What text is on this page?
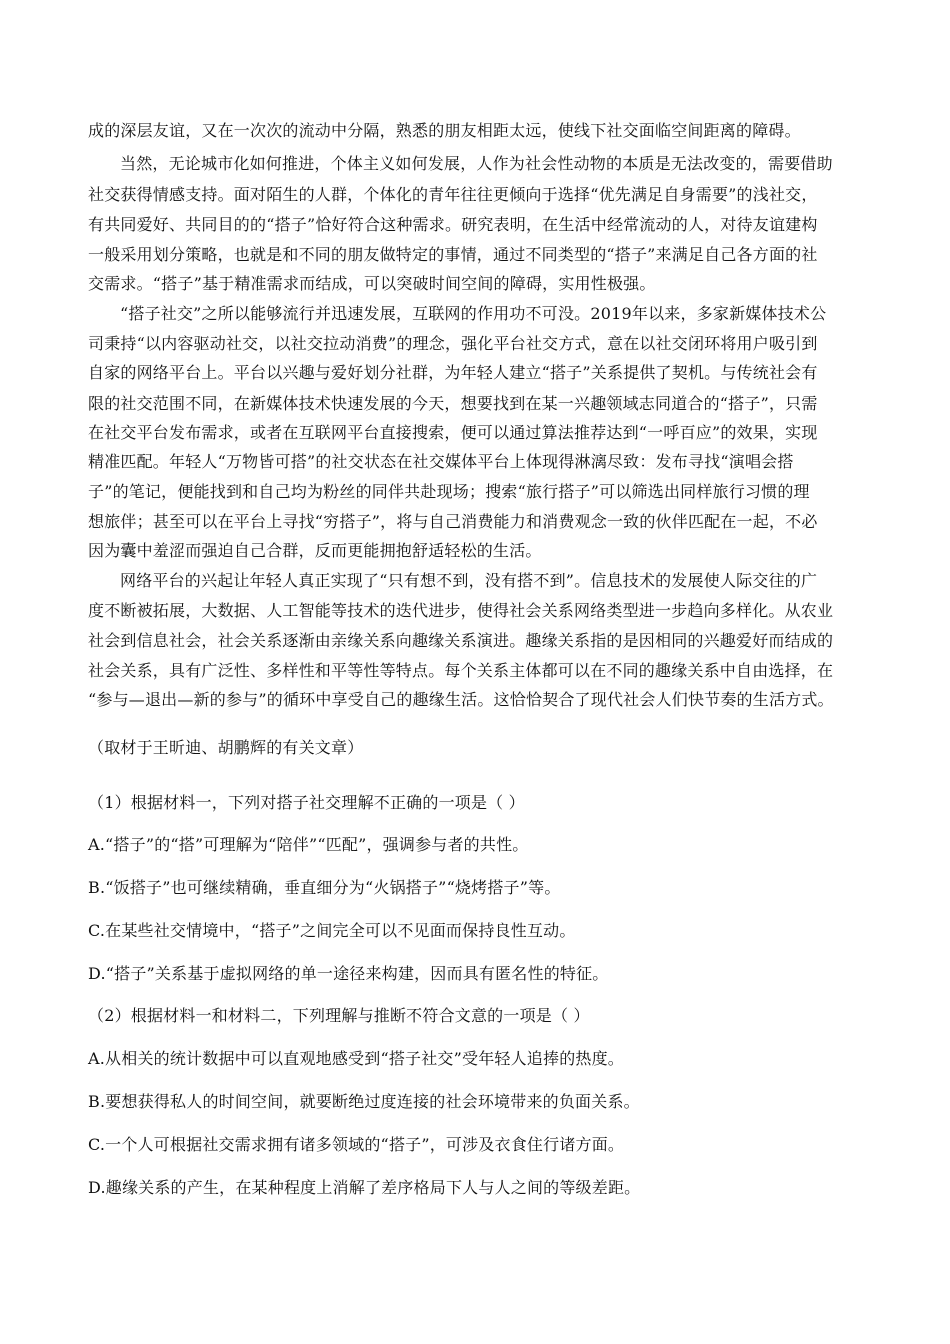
成的深层友谊，又在一次次的流动中分隔，熟悉的朋友相距太远，使线下社交面临空间距离的障碍。
当然，无论城市化如何推进，个体主义如何发展，人作为社会性动物的本质是无法改变的，需要借助
社交获得情感支持。面对陌生的人群，个体化的青年往往更倾向于选择“优先满足自身需要”的浅社交，
有共同爱好、共同目的的“搭子”恰好符合这种需求。研究表明，在生活中经常流动的人，对待友谊建构
一般采用划分策略，也就是和不同的朋友做特定的事情，通过不同类型的“搭子”来满足自己各方面的社
交需求。“搭子”基于精准需求而结成，可以突破时间空间的障碍，实用性极强。
“搭子社交”之所以能够流行并迅速发展，互联网的作用功不可没。2019年以来，多家新媒体技术公
司秉持“以内容驱动社交，以社交拉动消费”的理念，强化平台社交方式，意在以社交闭环将用户吸引到
自家的网络平台上。平台以兴趣与爱好划分社群，为年轻人建立“搭子”关系提供了契机。与传统社会有
限的社交范围不同，在新媒体技术快速发展的今天，想要找到在某一兴趣领域志同道合的“搭子”，只需
在社交平台发布需求，或者在互联网平台直接搜索，便可以通过算法推荐达到“一呼百应”的效果，实现
精准匹配。年轻人“万物皆可搭”的社交状态在社交媒体平台上体现得淋漓尽致：发布寻找“演唱会搭
子”的笔记，便能找到和自己均为粉丝的同伴共赴现场；搜索“旅行搭子”可以筛选出同样旅行习惯的理
想旅伴；甚至可以在平台上寻找“穷搭子”，将与自己消费能力和消费观念一致的伙伴匹配在一起，不必
因为囊中羞涩而强迫自己合群，反而更能拥抱舒适轻松的生活。
网络平台的兴起让年轻人真正实现了“只有想不到，没有搭不到”。信息技术的发展使人际交往的广
度不断被拓展，大数据、人工智能等技术的迭代进步，使得社会关系网络类型进一步趋向多样化。从农业
社会到信息社会，社会关系逐渐由亲缘关系向趣缘关系演进。趣缘关系指的是因相同的兴趣爱好而结成的
社会关系，具有广泛性、多样性和平等性等特点。每个关系主体都可以在不同的趣缘关系中自由选择，在
“参与—退出—新的参与”的循环中享受自己的趣缘生活。这恰恰契合了现代社会人们快节奏的生活方式。
（取材于王昕迪、胡鹏辉的有关文章）
（1）根据材料一，下列对搭子社交理解不正确的一项是（ ）
A.“搭子”的“搭”可理解为“陪伴”“匹配”，强调参与者的共性。
B.“饭搭子”也可继续精确，垂直细分为“火锅搭子”“烧烤搭子”等。
C.在某些社交情境中，“搭子”之间完全可以不见面而保持良性互动。
D.“搭子”关系基于虚拟网络的单一途径来构建，因而具有匿名性的特征。
（2）根据材料一和材料二，下列理解与推断不符合文意的一项是（ ）
A.从相关的统计数据中可以直观地感受到“搭子社交”受年轻人追捧的热度。
B.要想获得私人的时间空间，就要断绝过度连接的社会环境带来的负面关系。
C.一个人可根据社交需求拥有诸多领域的“搭子”，可涉及衣食住行诸方面。
D.趣缘关系的产生，在某种程度上消解了差序格局下人与人之间的等级差距。
